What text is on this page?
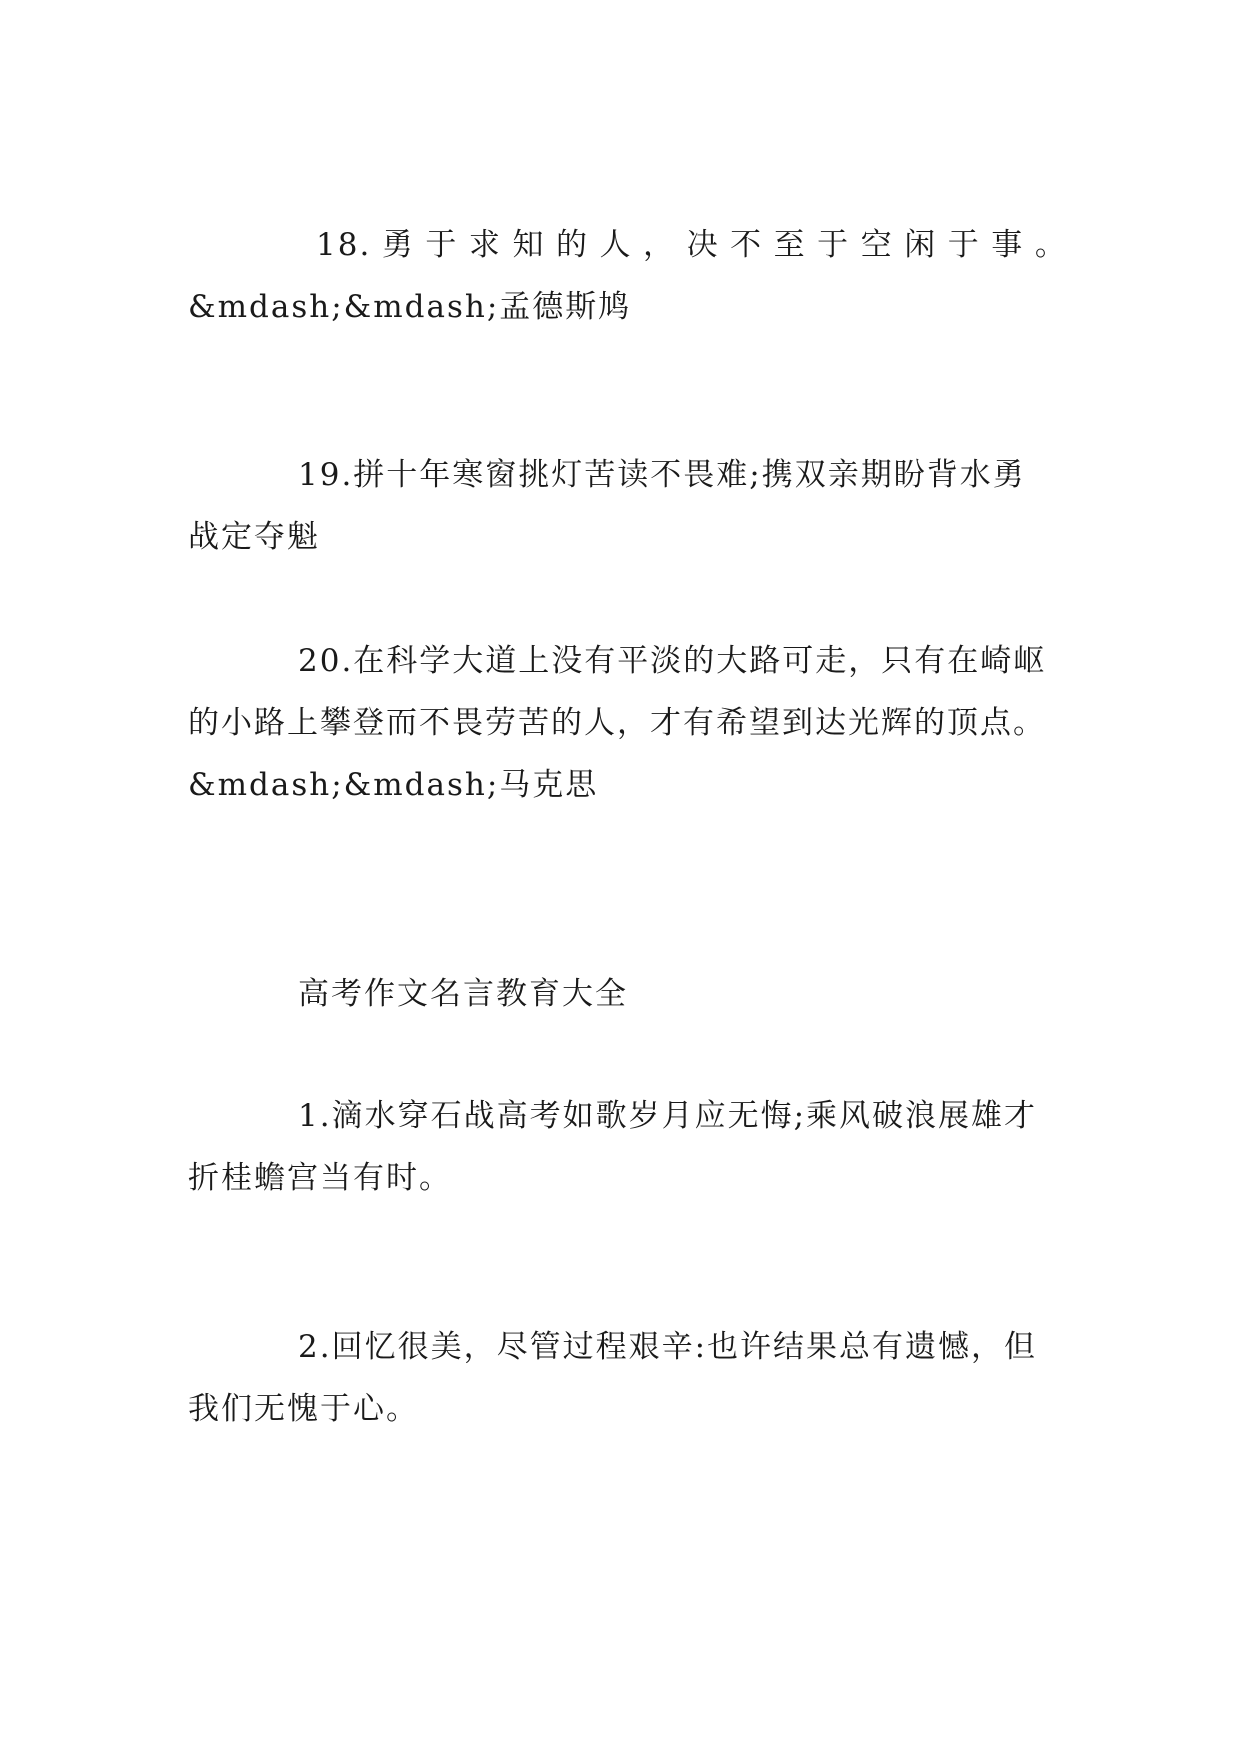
18. 勇 于 求 知 的 人 ， 决 不 至 于 空 闲 于 事 。
&mdash;&mdash;孟德斯鸠
19.拼十年寒窗挑灯苦读不畏难;携双亲期盼背水勇
战定夺魁
20.在科学大道上没有平淡的大路可走，只有在崎岖
的小路上攀登而不畏劳苦的人，才有希望到达光辉的顶点。
&mdash;&mdash;马克思
高考作文名言教育大全
1.滴水穿石战高考如歌岁月应无悔;乘风破浪展雄才
折桂蟾宫当有时。
2.回忆很美，尽管过程艰辛:也许结果总有遗憾，但
我们无愧于心。
